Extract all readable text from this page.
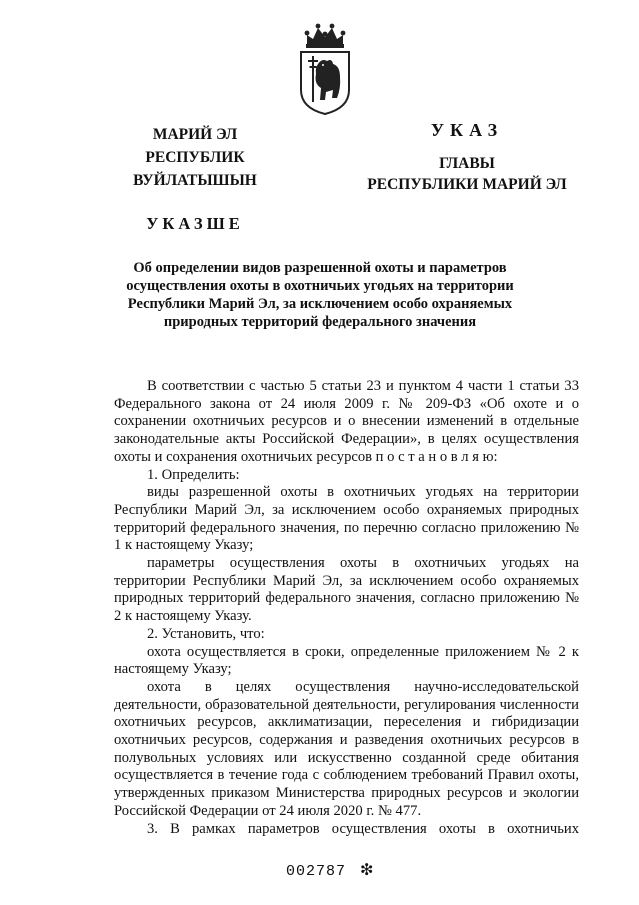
МАРИЙ ЭЛ РЕСПУБЛИК
ВУЙЛАТЫШЫН
УКАЗШЕ
УКАЗ
ГЛАВЫ
РЕСПУБЛИКИ МАРИЙ ЭЛ
Об определении видов разрешенной охоты и параметров
осуществления охоты в охотничьих угодьях на территории
Республики Марий Эл, за исключением особо охраняемых
природных территорий федерального значения

В соответствии с частью 5 статьи 23 и пунктом 4 части 1 статьи 33 Федерального закона от 24 июля 2009 г. № 209-ФЗ «Об охоте и о сохранении охотничьих ресурсов и о внесении изменений в отдельные законодательные акты Российской Федерации», в целях осуществления охоты и сохранения охотничьих ресурсов п о с т а н о в л я ю:

1. Определить:

виды разрешенной охоты в охотничьих угодьях на территории Республики Марий Эл, за исключением особо охраняемых природных территорий федерального значения, по перечню согласно приложению № 1 к настоящему Указу;

параметры осуществления охоты в охотничьих угодьях на территории Республики Марий Эл, за исключением особо охраняемых природных территорий федерального значения, согласно приложению № 2 к настоящему Указу.

2. Установить, что:

охота осуществляется в сроки, определенные приложением № 2 к настоящему Указу;

охота в целях осуществления научно-исследовательской деятельности, образовательной деятельности, регулирования численности охотничьих ресурсов, акклиматизации, переселения и гибридизации охотничьих ресурсов, содержания и разведения охотничьих ресурсов в полувольных условиях или искусственно созданной среде обитания осуществляется в течение года с соблюдением требований Правил охоты, утвержденных приказом Министерства природных ресурсов и экологии Российской Федерации от 24 июля 2020 г. № 477.

3. В рамках параметров осуществления охоты в охотничьих

002787 ❇
